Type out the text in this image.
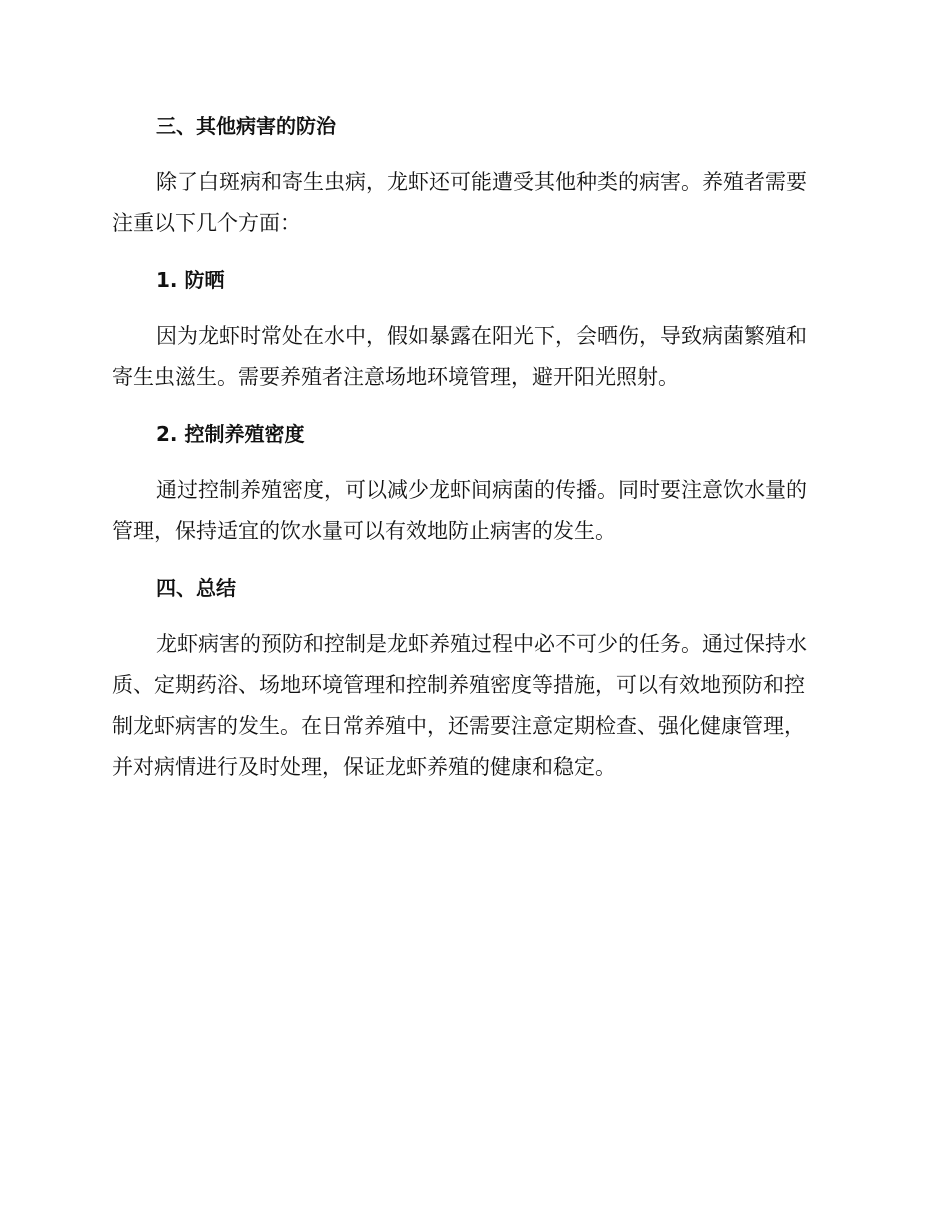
三、其他病害的防治

除了白斑病和寄生虫病，龙虾还可能遭受其他种类的病害。养殖者需要
注重以下几个方面：

1. 防晒

因为龙虾时常处在水中，假如暴露在阳光下，会晒伤，导致病菌繁殖和
寄生虫滋生。需要养殖者注意场地环境管理，避开阳光照射。

2. 控制养殖密度

通过控制养殖密度，可以减少龙虾间病菌的传播。同时要注意饮水量的
管理，保持适宜的饮水量可以有效地防止病害的发生。

四、总结

龙虾病害的预防和控制是龙虾养殖过程中必不可少的任务。通过保持水
质、定期药浴、场地环境管理和控制养殖密度等措施，可以有效地预防和控
制龙虾病害的发生。在日常养殖中，还需要注意定期检查、强化健康管理，
并对病情进行及时处理，保证龙虾养殖的健康和稳定。
